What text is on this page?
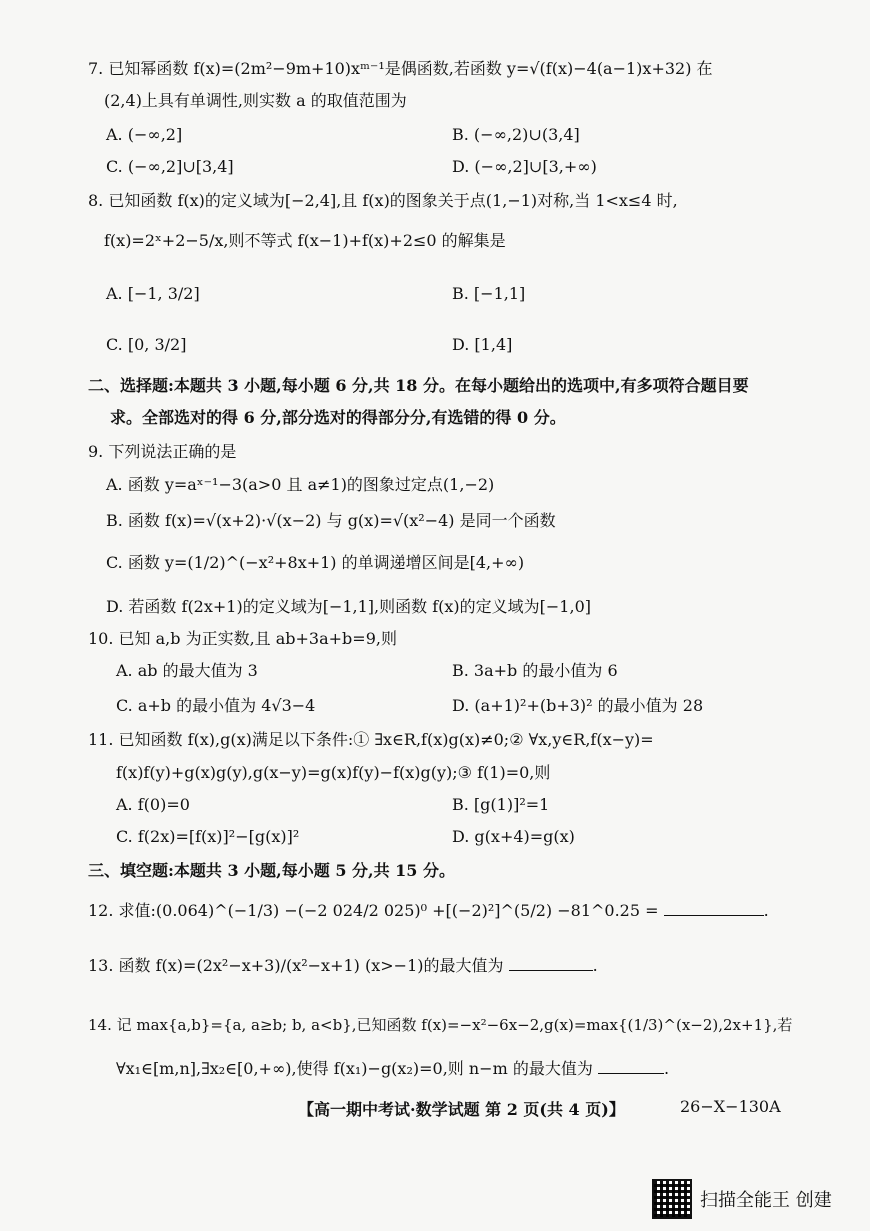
7. 已知幂函数 f(x)=(2m²−9m+10)xᵐ⁻¹是偶函数,若函数 y=√(f(x)−4(a−1)x+32) 在
(2,4)上具有单调性,则实数 a 的取值范围为
A. (−∞,2]	B. (−∞,2)∪(3,4]
C. (−∞,2]∪[3,4]	D. (−∞,2]∪[3,+∞)
8. 已知函数 f(x)的定义域为[−2,4],且 f(x)的图象关于点(1,−1)对称,当 1<x≤4 时,
f(x)=2ˣ+2−5/x,则不等式 f(x−1)+f(x)+2≤0 的解集是
A. [−1, 3/2]	B. [−1,1]
C. [0, 3/2]	D. [1,4]
二、选择题:本题共 3 小题,每小题 6 分,共 18 分。在每小题给出的选项中,有多项符合题目要
求。全部选对的得 6 分,部分选对的得部分分,有选错的得 0 分。
9. 下列说法正确的是
A. 函数 y=aˣ⁻¹−3(a>0 且 a≠1)的图象过定点(1,−2)
B. 函数 f(x)=√(x+2)·√(x−2) 与 g(x)=√(x²−4) 是同一个函数
C. 函数 y=(1/2)^(−x²+8x+1) 的单调递增区间是[4,+∞)
D. 若函数 f(2x+1)的定义域为[−1,1],则函数 f(x)的定义域为[−1,0]
10. 已知 a,b 为正实数,且 ab+3a+b=9,则
A. ab 的最大值为 3	B. 3a+b 的最小值为 6
C. a+b 的最小值为 4√3−4	D. (a+1)²+(b+3)² 的最小值为 28
11. 已知函数 f(x),g(x)满足以下条件:① ∃x∈R,f(x)g(x)≠0;② ∀x,y∈R,f(x−y)=
f(x)f(y)+g(x)g(y),g(x−y)=g(x)f(y)−f(x)g(y);③ f(1)=0,则
A. f(0)=0	B. [g(1)]²=1
C. f(2x)=[f(x)]²−[g(x)]²	D. g(x+4)=g(x)
三、填空题:本题共 3 小题,每小题 5 分,共 15 分。
12. 求值:(0.064)^(−1/3) −(−2 024/2 025)⁰ +[(−2)²]^(5/2) −81^0.25 =	.
13. 函数 f(x)=(2x²−x+3)/(x²−x+1) (x>−1)的最大值为	.
14. 记 max{a,b}={a, a≥b; b, a<b},已知函数 f(x)=−x²−6x−2,g(x)=max{(1/3)^(x−2),2x+1},若
∀x₁∈[m,n],∃x₂∈[0,+∞),使得 f(x₁)−g(x₂)=0,则 n−m 的最大值为	.
【高一期中考试·数学试题 第 2 页(共 4 页)】	26−X−130A
扫描全能王 创建
